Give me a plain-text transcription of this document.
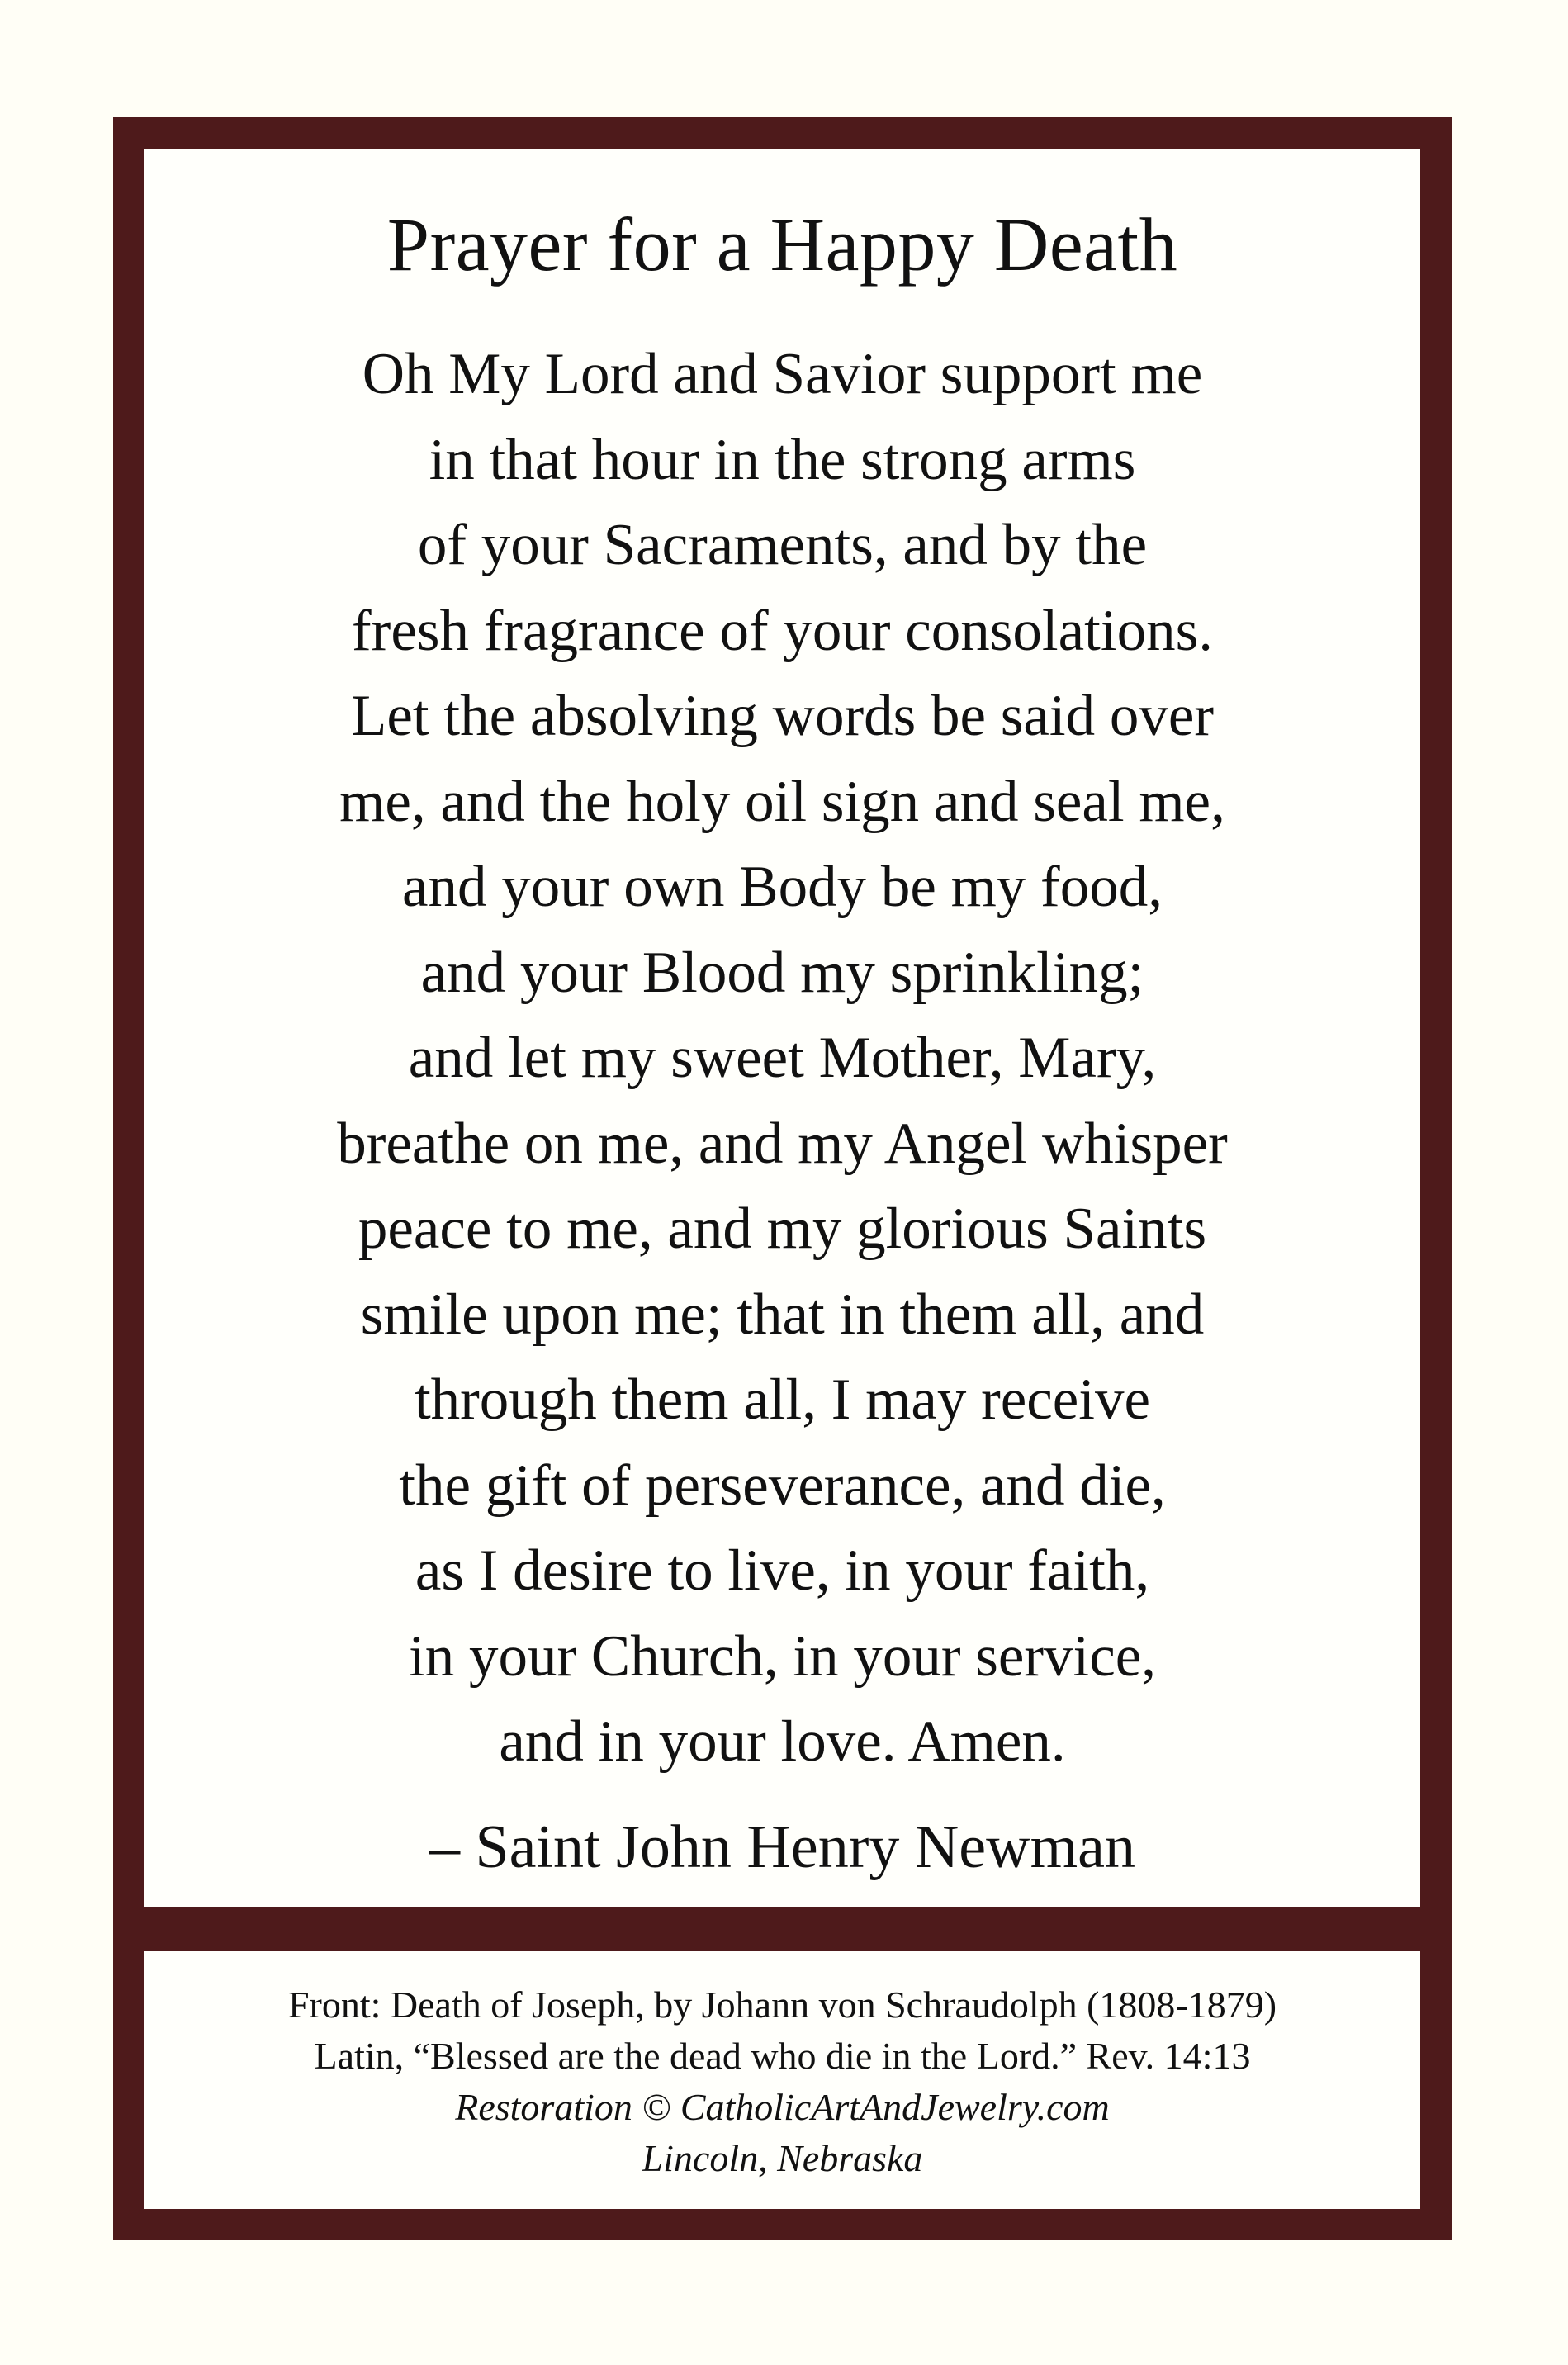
Prayer for a Happy Death
Oh My Lord and Savior support me
in that hour in the strong arms
of your Sacraments, and by the
fresh fragrance of your consolations.
Let the absolving words be said over
me, and the holy oil sign and seal me,
and your own Body be my food,
and your Blood my sprinkling;
and let my sweet Mother, Mary,
breathe on me, and my Angel whisper
peace to me, and my glorious Saints
smile upon me; that in them all, and
through them all, I may receive
the gift of perseverance, and die,
as I desire to live, in your faith,
in your Church, in your service,
and in your love. Amen.

– Saint John Henry Newman

Front: Death of Joseph, by Johann von Schraudolph (1808-1879)
Latin, “Blessed are the dead who die in the Lord.” Rev. 14:13
Restoration © CatholicArtAndJewelry.com
Lincoln, Nebraska
